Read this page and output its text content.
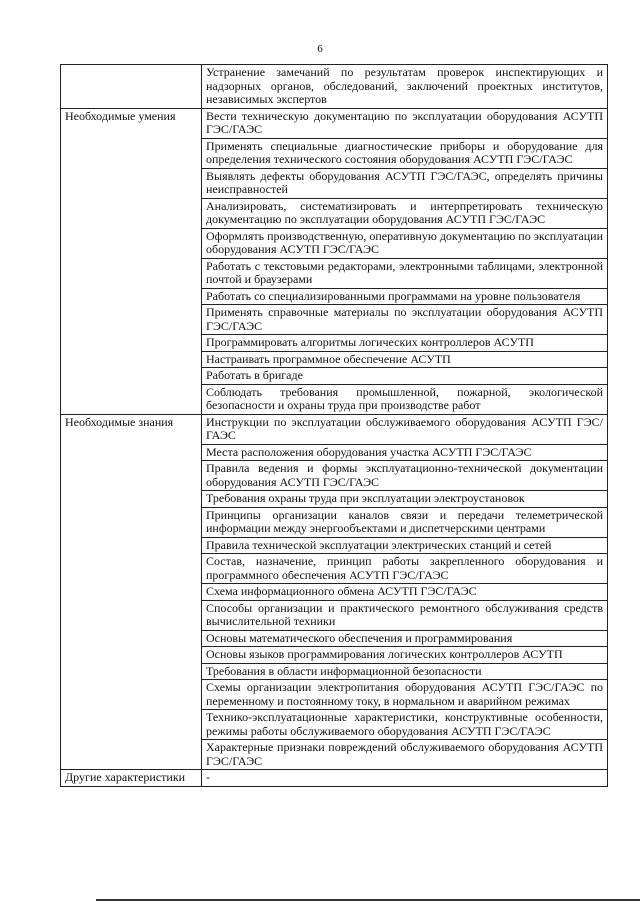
6
	Устранение замечаний по результатам проверок инспектирующих и надзорных органов, обследований, заключений проектных институтов, независимых экспертов
Необходимые умения	Вести техническую документацию по эксплуатации оборудования АСУТП ГЭС/ГАЭС
	Применять специальные диагностические приборы и оборудование для определения технического состояния оборудования АСУТП ГЭС/ГАЭС
	Выявлять дефекты оборудования АСУТП ГЭС/ГАЭС, определять причины неисправностей
	Анализировать, систематизировать и интерпретировать техническую документацию по эксплуатации оборудования АСУТП ГЭС/ГАЭС
	Оформлять производственную, оперативную документацию по эксплуатации оборудования АСУТП ГЭС/ГАЭС
	Работать с текстовыми редакторами, электронными таблицами, электронной почтой и браузерами
	Работать со специализированными программами на уровне пользователя
	Применять справочные материалы по эксплуатации оборудования АСУТП ГЭС/ГАЭС
	Программировать алгоритмы логических контроллеров АСУТП
	Настраивать программное обеспечение АСУТП
	Работать в бригаде
	Соблюдать требования промышленной, пожарной, экологической безопасности и охраны труда при производстве работ
Необходимые знания	Инструкции по эксплуатации обслуживаемого оборудования АСУТП ГЭС/ГАЭС
	Места расположения оборудования участка АСУТП ГЭС/ГАЭС
	Правила ведения и формы эксплуатационно-технической документации оборудования АСУТП ГЭС/ГАЭС
	Требования охраны труда при эксплуатации электроустановок
	Принципы организации каналов связи и передачи телеметрической информации между энергообъектами и диспетчерскими центрами
	Правила технической эксплуатации электрических станций и сетей
	Состав, назначение, принцип работы закрепленного оборудования и программного обеспечения АСУТП ГЭС/ГАЭС
	Схема информационного обмена АСУТП ГЭС/ГАЭС
	Способы организации и практического ремонтного обслуживания средств вычислительной техники
	Основы математического обеспечения и программирования
	Основы языков программирования логических контроллеров АСУТП
	Требования в области информационной безопасности
	Схемы организации электропитания оборудования АСУТП ГЭС/ГАЭС по переменному и постоянному току, в нормальном и аварийном режимах
	Технико-эксплуатационные характеристики, конструктивные особенности, режимы работы обслуживаемого оборудования АСУТП ГЭС/ГАЭС
	Характерные признаки повреждений обслуживаемого оборудования АСУТП ГЭС/ГАЭС
Другие характеристики	-
